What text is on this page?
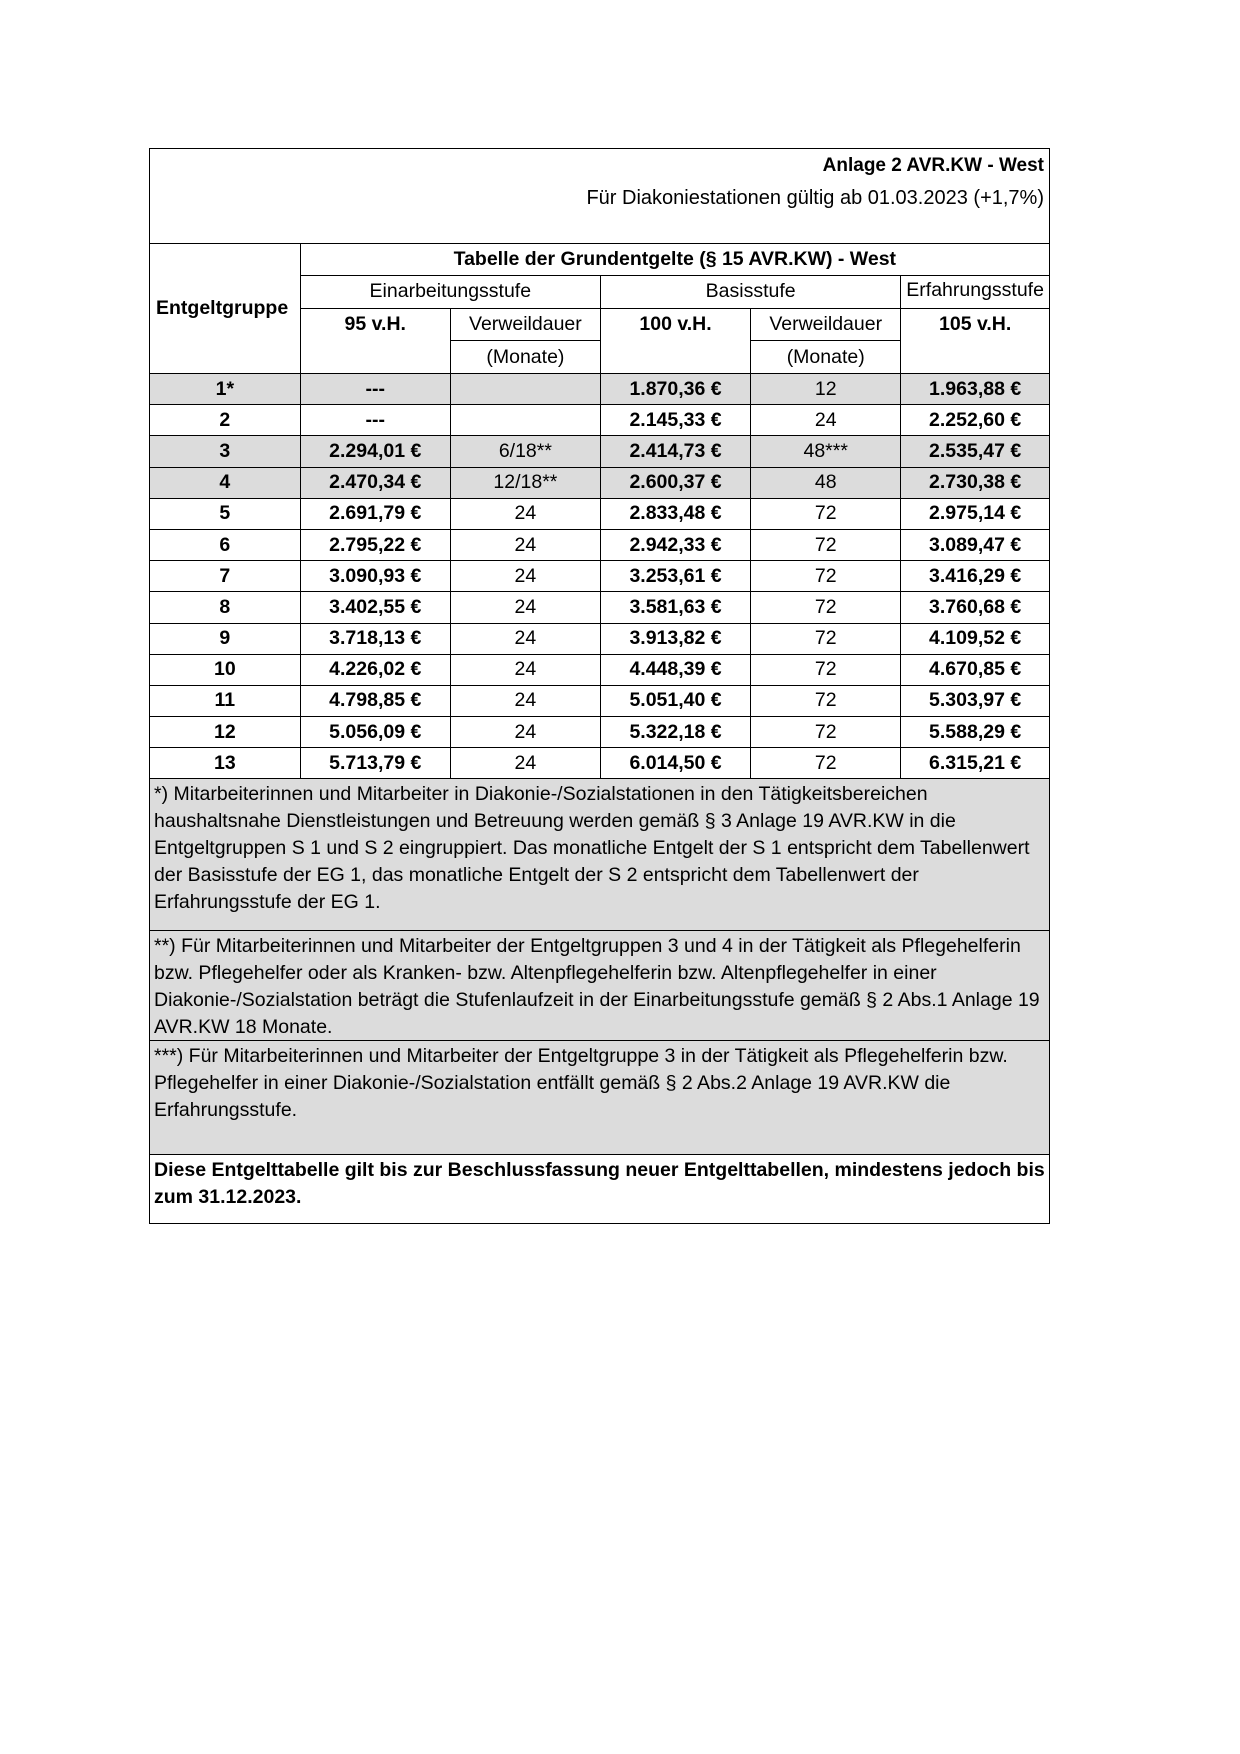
Anlage 2 AVR.KW - West
Für Diakoniestationen gültig ab 01.03.2023 (+1,7%)
Entgeltgruppe	Tabelle der Grundentgelte (§ 15 AVR.KW) - West				
	Einarbeitungsstufe		Basisstufe		Erfahrungsstufe

	95 v.H.	Verweildauer	100 v.H.	Verweildauer	105 v.H.
		(Monate)		(Monate)	
1*	---		1.870,36 €	12	1.963,88 €
2	---		2.145,33 €	24	2.252,60 €
3	2.294,01 €	6/18**	2.414,73 €	48***	2.535,47 €
4	2.470,34 €	12/18**	2.600,37 €	48	2.730,38 €
5	2.691,79 €	24	2.833,48 €	72	2.975,14 €
6	2.795,22 €	24	2.942,33 €	72	3.089,47 €
7	3.090,93 €	24	3.253,61 €	72	3.416,29 €
8	3.402,55 €	24	3.581,63 €	72	3.760,68 €
9	3.718,13 €	24	3.913,82 €	72	4.109,52 €
10	4.226,02 €	24	4.448,39 €	72	4.670,85 €
11	4.798,85 €	24	5.051,40 €	72	5.303,97 €
12	5.056,09 €	24	5.322,18 €	72	5.588,29 €
13	5.713,79 €	24	6.014,50 €	72	6.315,21 €
*) Mitarbeiterinnen und Mitarbeiter in Diakonie-/Sozialstationen in den Tätigkeitsbereichen haushaltsnahe Dienstleistungen und Betreuung werden gemäß § 3 Anlage 19 AVR.KW in die Entgeltgruppen S 1 und S 2 eingruppiert. Das monatliche Entgelt der S 1 entspricht dem Tabellenwert der Basisstufe der EG 1, das monatliche Entgelt der S 2 entspricht dem Tabellenwert der Erfahrungsstufe der EG 1.
**) Für Mitarbeiterinnen und Mitarbeiter der Entgeltgruppen 3 und 4 in der Tätigkeit als Pflegehelferin bzw. Pflegehelfer oder als Kranken- bzw. Altenpflegehelferin bzw. Altenpflegehelfer in einer Diakonie-/Sozialstation beträgt die Stufenlaufzeit in der Einarbeitungsstufe gemäß § 2 Abs.1 Anlage 19 AVR.KW 18 Monate.
***) Für Mitarbeiterinnen und Mitarbeiter der Entgeltgruppe 3 in der Tätigkeit als Pflegehelferin bzw. Pflegehelfer in einer Diakonie-/Sozialstation entfällt gemäß § 2 Abs.2 Anlage 19 AVR.KW die Erfahrungsstufe.
Diese Entgelttabelle gilt bis zur Beschlussfassung neuer Entgelttabellen, mindestens jedoch bis zum 31.12.2023.
